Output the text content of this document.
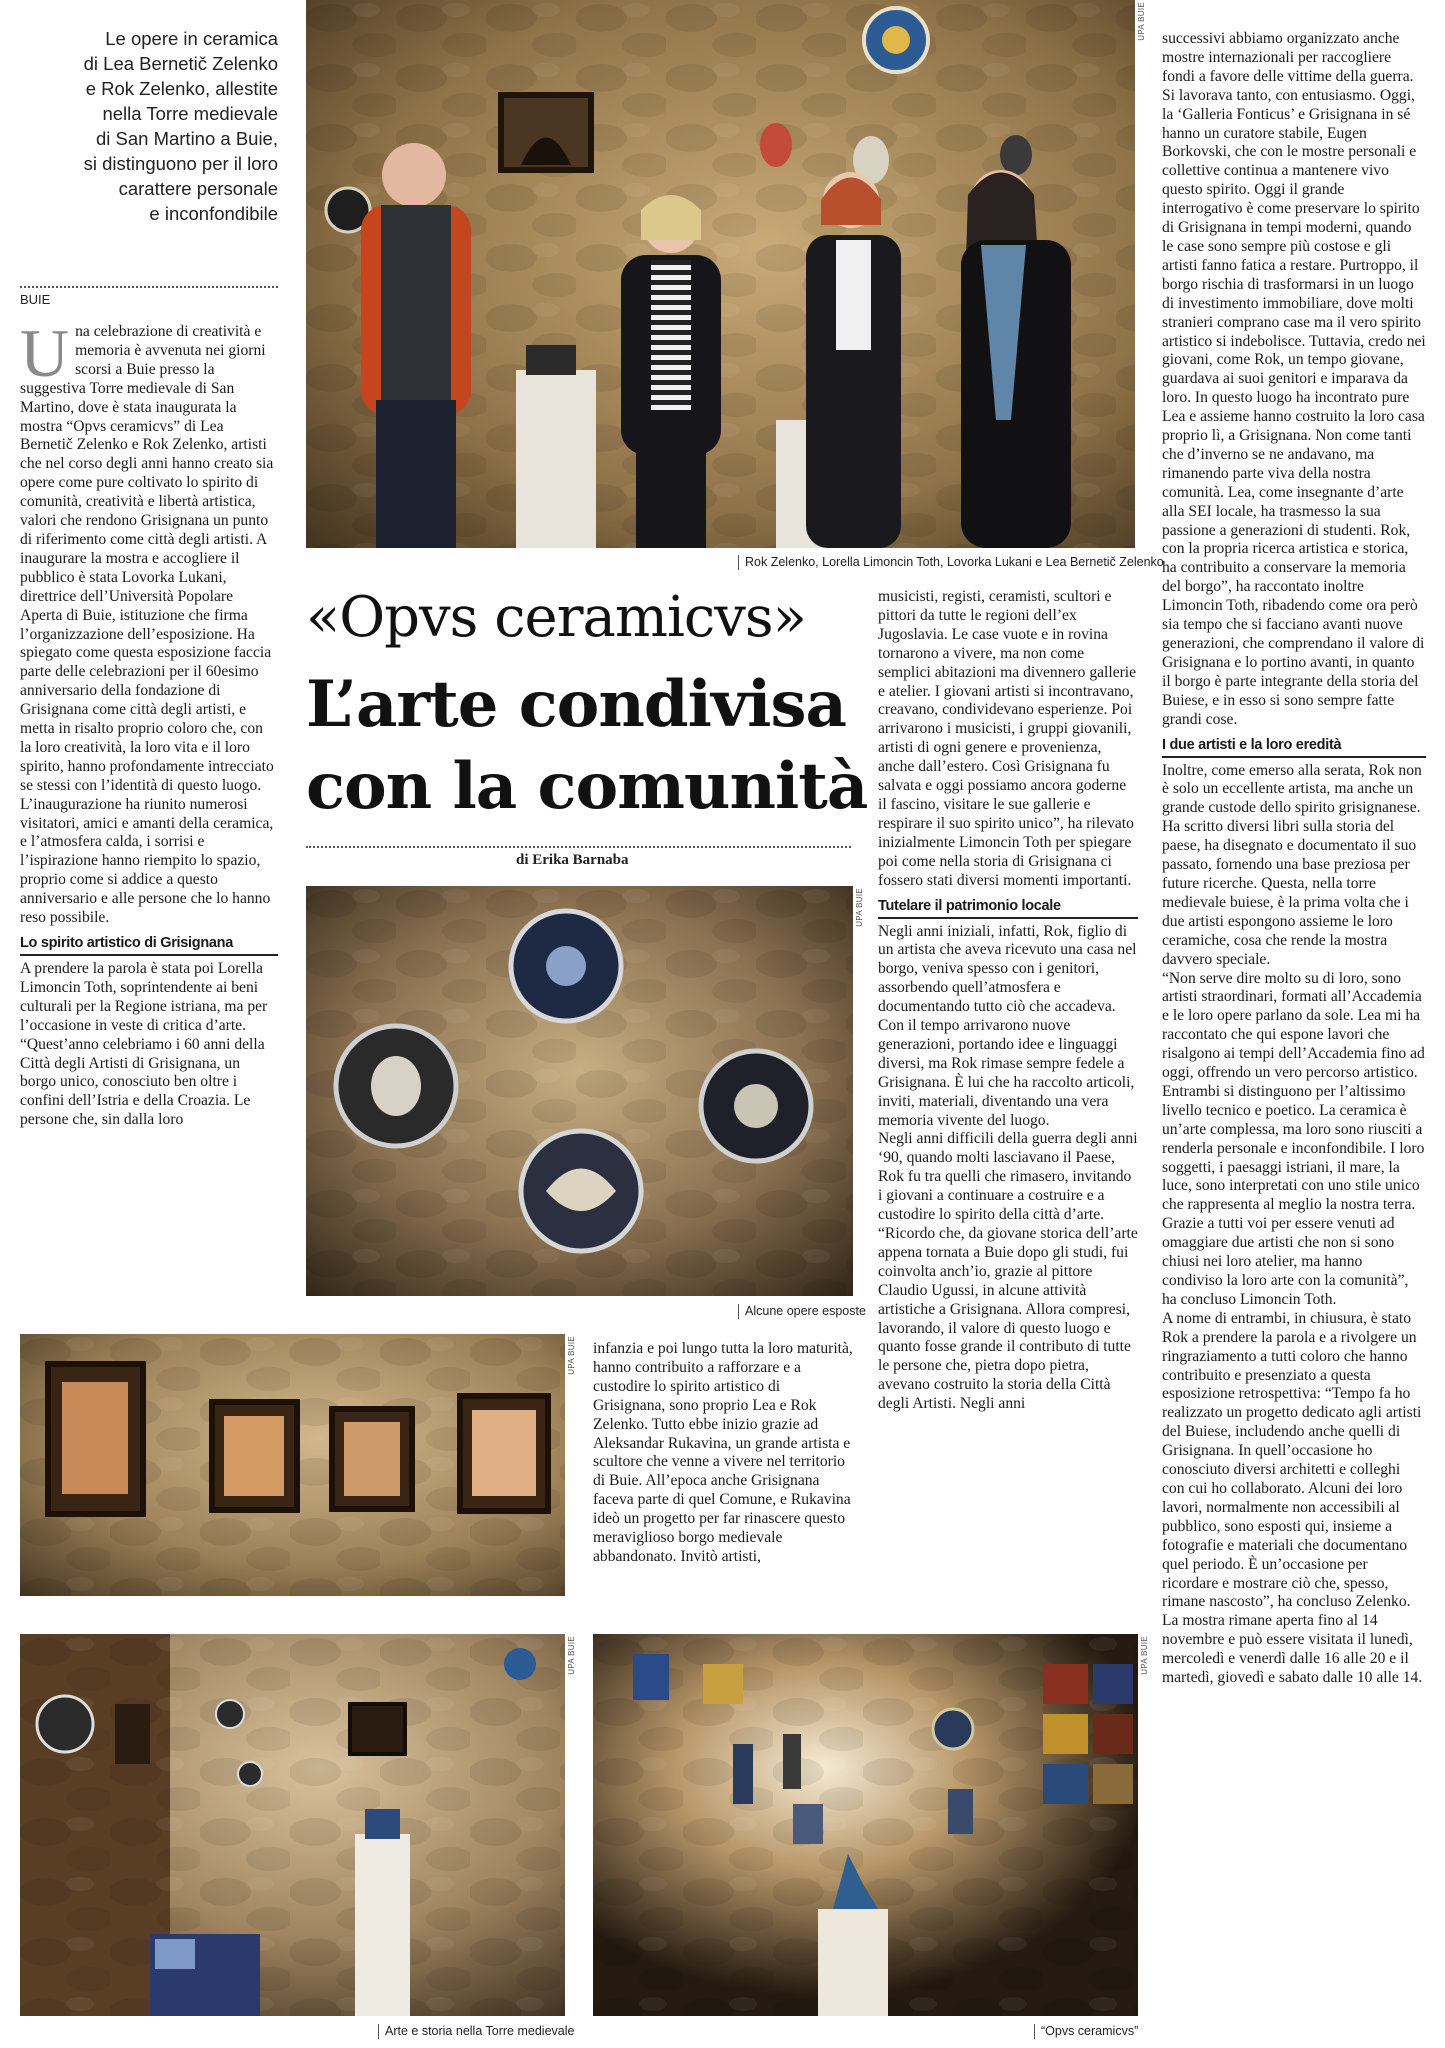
Le opere in ceramica
di Lea Bernetič Zelenko
e Rok Zelenko, allestite
nella Torre medievale
di San Martino a Buie,
si distinguono per il loro
carattere personale
e inconfondibile
BUIE

Una celebrazione di creatività e memoria è avvenuta nei giorni scorsi a Buie presso la suggestiva Torre medievale di San Martino, dove è stata inaugurata la mostra “Opvs ceramicvs” di Lea Bernetič Zelenko e Rok Zelenko, artisti che nel corso degli anni hanno creato sia opere come pure coltivato lo spirito di comunità, creatività e libertà artistica, valori che rendono Grisignana un punto di riferimento come città degli artisti. A inaugurare la mostra e accogliere il pubblico è stata Lovorka Lukani, direttrice dell’Università Popolare Aperta di Buie, istituzione che firma l’organizzazione dell’esposizione. Ha spiegato come questa esposizione faccia parte delle celebrazioni per il 60esimo anniversario della fondazione di Grisignana come città degli artisti, e metta in risalto proprio coloro che, con la loro creatività, la loro vita e il loro spirito, hanno profondamente intrecciato se stessi con l’identità di questo luogo. L’inaugurazione ha riunito numerosi visitatori, amici e amanti della ceramica, e l’atmosfera calda, i sorrisi e l’ispirazione hanno riempito lo spazio, proprio come si addice a questo anniversario e alle persone che lo hanno reso possibile.

Lo spirito artistico di Grisignana

A prendere la parola è stata poi Lorella Limoncin Toth, soprintendente ai beni culturali per la Regione istriana, ma per l’occasione in veste di critica d’arte.

“Quest’anno celebriamo i 60 anni della Città degli Artisti di Grisignana, un borgo unico, conosciuto ben oltre i confini dell’Istria e della Croazia. Le persone che, sin dalla loro

UPA BUIE
Rok Zelenko, Lorella Limoncin Toth, Lovorka Lukani e Lea Bernetič Zelenko
«Opvs ceramicvs»
L’arte condivisa
con la comunità
di Erika Barnaba
UPA BUIE
Alcune opere esposte

musicisti, registi, ceramisti, scultori e pittori da tutte le regioni dell’ex Jugoslavia. Le case vuote e in rovina tornarono a vivere, ma non come semplici abitazioni ma divennero gallerie e atelier. I giovani artisti si incontravano, creavano, condividevano esperienze. Poi arrivarono i musicisti, i gruppi giovanili, artisti di ogni genere e provenienza, anche dall’estero. Così Grisignana fu salvata e oggi possiamo ancora goderne il fascino, visitare le sue gallerie e respirare il suo spirito unico”, ha rilevato inizialmente Limoncin Toth per spiegare poi come nella storia di Grisignana ci fossero stati diversi momenti importanti.

Tutelare il patrimonio locale

Negli anni iniziali, infatti, Rok, figlio di un artista che aveva ricevuto una casa nel borgo, veniva spesso con i genitori, assorbendo quell’atmosfera e documentando tutto ciò che accadeva. Con il tempo arrivarono nuove generazioni, portando idee e linguaggi diversi, ma Rok rimase sempre fedele a Grisignana. È lui che ha raccolto articoli, inviti, materiali, diventando una vera memoria vivente del luogo.

Negli anni difficili della guerra degli anni ‘90, quando molti lasciavano il Paese, Rok fu tra quelli che rimasero, invitando i giovani a continuare a costruire e a custodire lo spirito della città d’arte.

“Ricordo che, da giovane storica dell’arte appena tornata a Buie dopo gli studi, fui coinvolta anch’io, grazie al pittore Claudio Ugussi, in alcune attività artistiche a Grisignana. Allora compresi, lavorando, il valore di questo luogo e quanto fosse grande il contributo di tutte le persone che, pietra dopo pietra, avevano costruito la storia della Città degli Artisti. Negli anni

successivi abbiamo organizzato anche mostre internazionali per raccogliere fondi a favore delle vittime della guerra. Si lavorava tanto, con entusiasmo. Oggi, la ‘Galleria Fonticus’ e Grisignana in sé hanno un curatore stabile, Eugen Borkovski, che con le mostre personali e collettive continua a mantenere vivo questo spirito. Oggi il grande interrogativo è come preservare lo spirito di Grisignana in tempi moderni, quando le case sono sempre più costose e gli artisti fanno fatica a restare. Purtroppo, il borgo rischia di trasformarsi in un luogo di investimento immobiliare, dove molti stranieri comprano case ma il vero spirito artistico si indebolisce. Tuttavia, credo nei giovani, come Rok, un tempo giovane, guardava ai suoi genitori e imparava da loro. In questo luogo ha incontrato pure Lea e assieme hanno costruito la loro casa proprio lì, a Grisignana. Non come tanti che d’inverno se ne andavano, ma rimanendo parte viva della nostra comunità. Lea, come insegnante d’arte alla SEI locale, ha trasmesso la sua passione a generazioni di studenti. Rok, con la propria ricerca artistica e storica, ha contribuito a conservare la memoria del borgo”, ha raccontato inoltre Limoncin Toth, ribadendo come ora però sia tempo che si facciano avanti nuove generazioni, che comprendano il valore di Grisignana e lo portino avanti, in quanto il borgo è parte integrante della storia del Buiese, e in esso si sono sempre fatte grandi cose.

I due artisti e la loro eredità

Inoltre, come emerso alla serata, Rok non è solo un eccellente artista, ma anche un grande custode dello spirito grisignanese. Ha scritto diversi libri sulla storia del paese, ha disegnato e documentato il suo passato, fornendo una base preziosa per future ricerche. Questa, nella torre medievale buiese, è la prima volta che i due artisti espongono assieme le loro ceramiche, cosa che rende la mostra davvero speciale.

“Non serve dire molto su di loro, sono artisti straordinari, formati all’Accademia e le loro opere parlano da sole. Lea mi ha raccontato che qui espone lavori che risalgono ai tempi dell’Accademia fino ad oggi, offrendo un vero percorso artistico. Entrambi si distinguono per l’altissimo livello tecnico e poetico. La ceramica è un’arte complessa, ma loro sono riusciti a renderla personale e inconfondibile. I loro soggetti, i paesaggi istriani, il mare, la luce, sono interpretati con uno stile unico che rappresenta al meglio la nostra terra. Grazie a tutti voi per essere venuti ad omaggiare due artisti che non si sono chiusi nei loro atelier, ma hanno condiviso la loro arte con la comunità”, ha concluso Limoncin Toth.

A nome di entrambi, in chiusura, è stato Rok a prendere la parola e a rivolgere un ringraziamento a tutti coloro che hanno contribuito e presenziato a questa esposizione retrospettiva: “Tempo fa ho realizzato un progetto dedicato agli artisti del Buiese, includendo anche quelli di Grisignana. In quell’occasione ho conosciuto diversi architetti e colleghi con cui ho collaborato. Alcuni dei loro lavori, normalmente non accessibili al pubblico, sono esposti qui, insieme a fotografie e materiali che documentano quel periodo. È un’occasione per ricordare e mostrare ciò che, spesso, rimane nascosto”, ha concluso Zelenko. La mostra rimane aperta fino al 14 novembre e può essere visitata il lunedì, mercoledì e venerdì dalle 16 alle 20 e il martedì, giovedì e sabato dalle 10 alle 14.

UPA BUIE infanzia e poi lungo tutta la loro maturità, hanno contribuito a rafforzare e a custodire lo spirito artistico di Grisignana, sono proprio Lea e Rok Zelenko. Tutto ebbe inizio grazie ad Aleksandar Rukavina, un grande artista e scultore che venne a vivere nel territorio di Buie. All’epoca anche Grisignana faceva parte di quel Comune, e Rukavina ideò un progetto per far rinascere questo meraviglioso borgo medievale abbandonato. Invitò artisti,

UPA BUIE
Arte e storia nella Torre medievale
UPA BUIE
“Opvs ceramicvs”
